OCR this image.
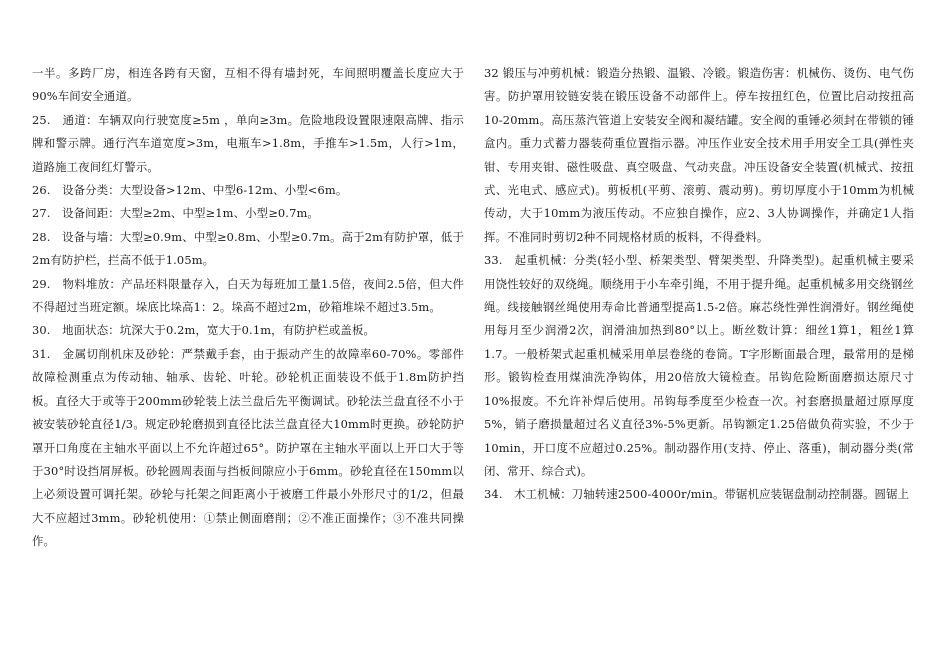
一半。多跨厂房，相连各跨有天窗，互相不得有墙封死，车间照明覆盖长度应大于90%车间安全通道。

25.　通道：车辆双向行驶宽度≥5m ，单向≥3m。危险地段设置限速限高牌、指示牌和警示牌。通行汽车道宽度>3m，电瓶车>1.8m，手推车>1.5m，人行>1m，道路施工夜间红灯警示。

26.　设备分类：大型设备>12m、中型6-12m、小型<6m。

27.　设备间距：大型≥2m、中型≥1m、小型≥0.7m。

28.　设备与墙：大型≥0.9m、中型≥0.8m、小型≥0.7m。高于2m有防护罩，低于2m有防护栏，拦高不低于1.05m。

29.　物料堆放：产品坯料限量存入，白天为每班加工量1.5倍，夜间2.5倍，但大件不得超过当班定额。垛底比垛高1：2。垛高不超过2m，砂箱堆垛不超过3.5m。

30.　地面状态：坑深大于0.2m，宽大于0.1m，有防护栏或盖板。

31.　金属切削机床及砂轮：严禁戴手套，由于振动产生的故障率60-70%。零部件故障检测重点为传动轴、轴承、齿轮、叶轮。砂轮机正面装设不低于1.8m防护挡板。直径大于或等于200mm砂轮装上法兰盘后先平衡调试。砂轮法兰盘直径不小于被安装砂轮直径1/3。规定砂轮磨损到直径比法兰盘直径大10mm时更换。砂轮防护罩开口角度在主轴水平面以上不允许超过65°。防护罩在主轴水平面以上开口大于等于30°时设挡屑屏板。砂轮圆周表面与挡板间隙应小于6mm。砂轮直径在150mm以上必须设置可调托架。砂轮与托架之间距离小于被磨工件最小外形尺寸的1/2，但最大不应超过3mm。砂轮机使用：①禁止侧面磨削；②不准正面操作；③不准共同操作。

32 锻压与冲剪机械：锻造分热锻、温锻、冷锻。锻造伤害：机械伤、烫伤、电气伤害。防护罩用铰链安装在锻压设备不动部件上。停车按扭红色，位置比启动按扭高10-20mm。高压蒸汽管道上安装安全阀和凝结罐。安全阀的重锤必须封在带锁的锤盒内。重力式蓄力器装荷重位置指示器。冲压作业安全技术用手用安全工具(弹性夹钳、专用夹钳、磁性吸盘、真空吸盘、气动夹盘。冲压设备安全装置(机械式、按扭式、光电式、感应式)。剪板机(平剪、滚剪、震动剪)。剪切厚度小于10mm为机械传动，大于10mm为液压传动。不应独自操作，应2、3人协调操作，并确定1人指挥。不准同时剪切2种不同规格材质的板料，不得叠料。

33.　起重机械：分类(轻小型、桥架类型、臂架类型、升降类型)。起重机械主要采用饶性较好的双绕绳。顺绕用于小车牵引绳，不用于提升绳。起重机械多用交绕钢丝绳。线接触钢丝绳使用寿命比普通型提高1.5-2倍。麻芯绕性弹性润滑好。钢丝绳使用每月至少润滑2次，润滑油加热到80°以上。断丝数计算：细丝1算1，粗丝1算1.7。一般桥架式起重机械采用单层卷绕的卷筒。T字形断面最合理，最常用的是梯形。锻钩检查用煤油洗净钩体，用20倍放大镜检查。吊钩危险断面磨损达原尺寸10%报废。不允许补焊后使用。吊钩每季度至少检查一次。衬套磨损量超过原厚度5%，销子磨损量超过名义直径3%-5%更新。吊钩额定1.25倍做负荷实验，不少于10min，开口度不应超过0.25%。制动器作用(支持、停止、落重)，制动器分类(常闭、常开、综合式)。

34.　木工机械：刀轴转速2500-4000r/min。带锯机应装锯盘制动控制器。圆锯上
